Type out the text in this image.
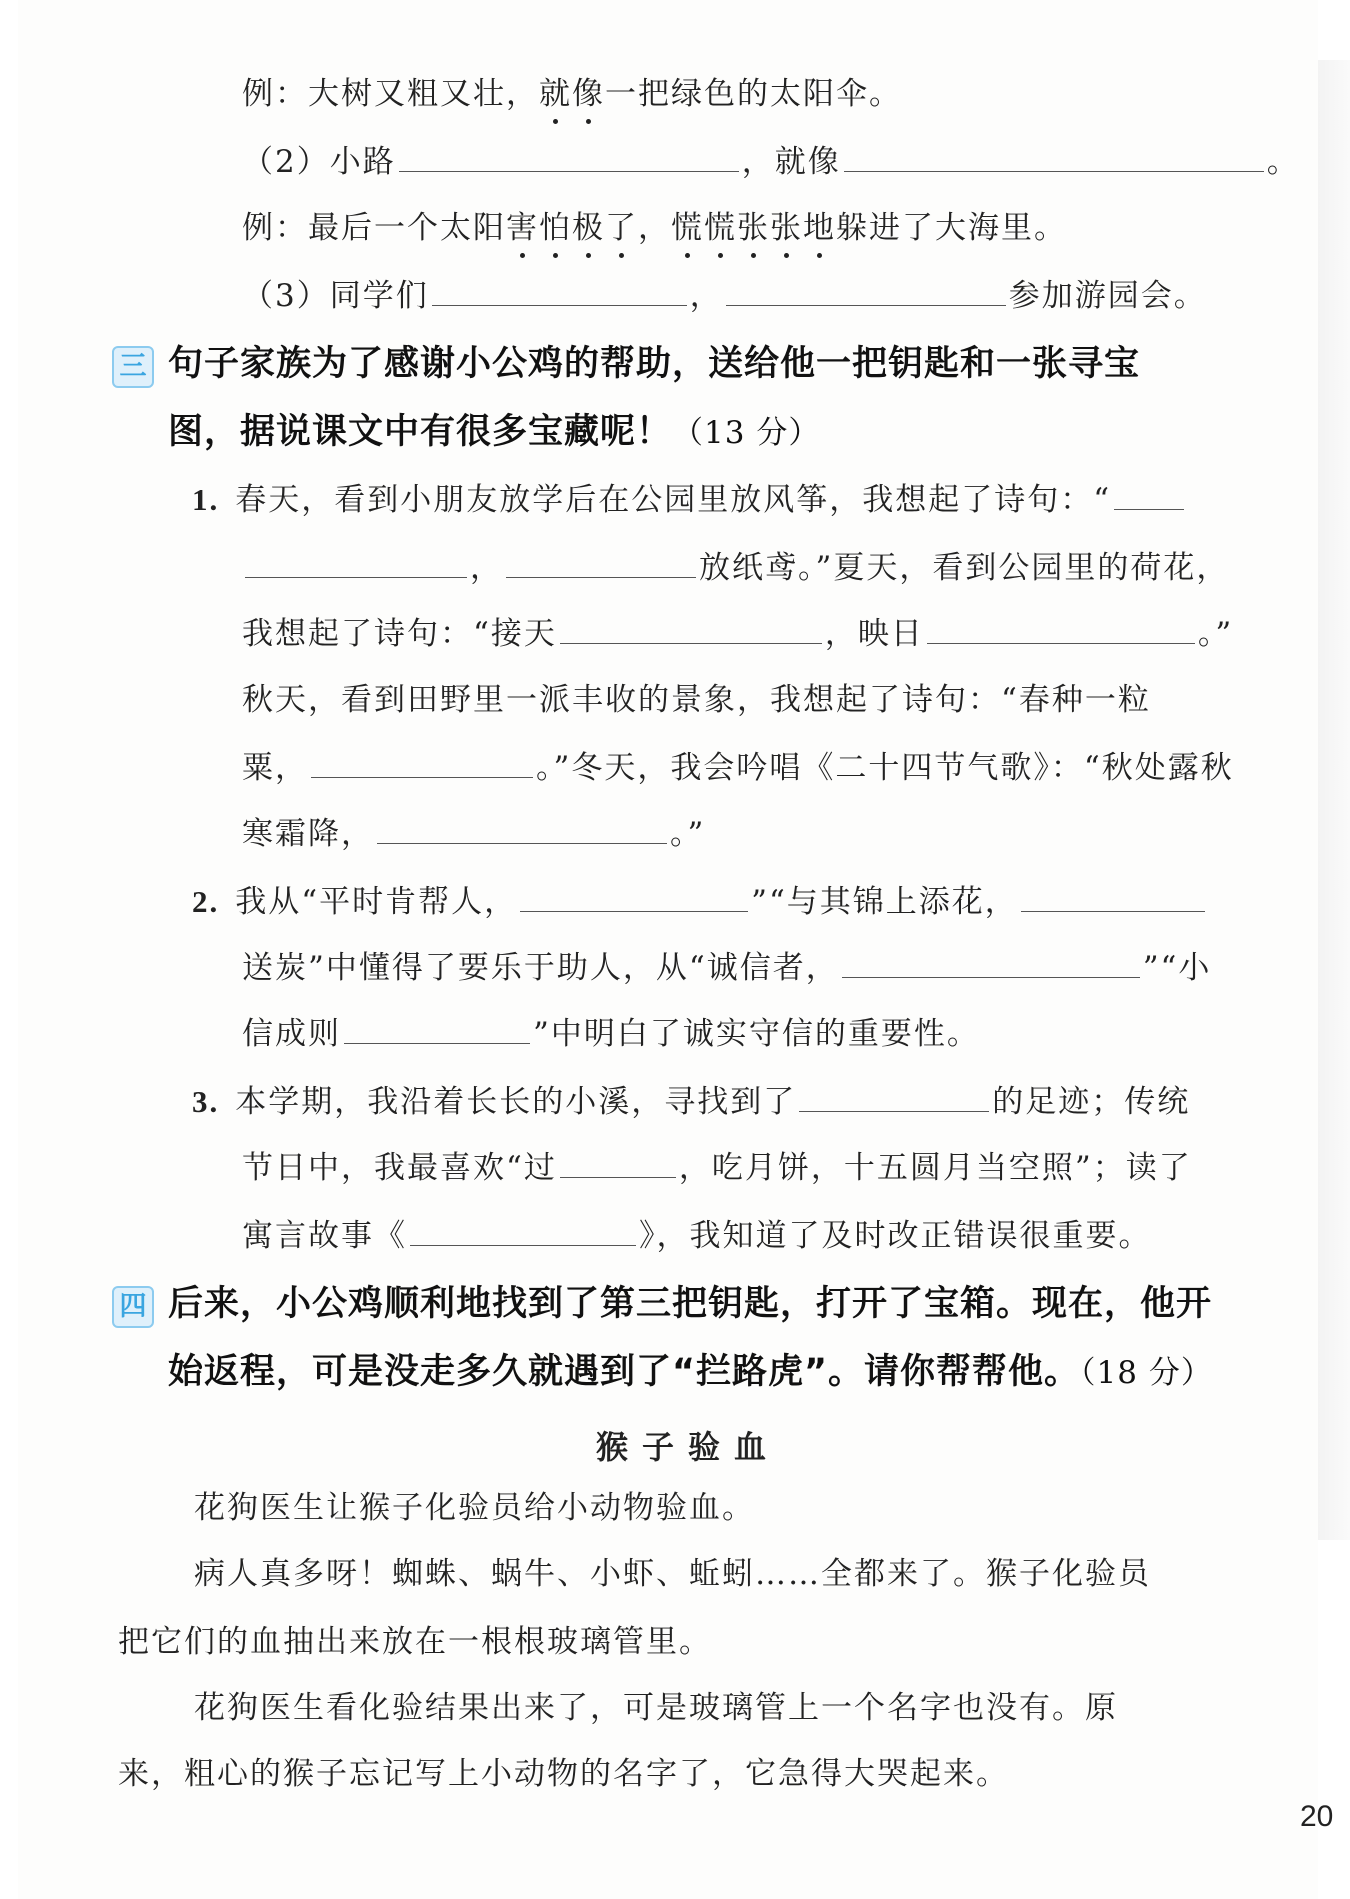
例：大树又粗又壮，就像一把绿色的太阳伞。
（2）小路	，就像	。
例：最后一个太阳害怕极了，慌慌张张地躲进了大海里。
（3）同学们	，	参加游园会。
三 句子家族为了感谢小公鸡的帮助，送给他一把钥匙和一张寻宝
图，据说课文中有很多宝藏呢！（13 分）
1. 春天，看到小朋友放学后在公园里放风筝，我想起了诗句：“
，	放纸鸢。”夏天，看到公园里的荷花，
我想起了诗句：“接天	，映日	。”
秋天，看到田野里一派丰收的景象，我想起了诗句：“春种一粒
粟，	。”冬天，我会吟唱《二十四节气歌》：“秋处露秋
寒霜降，	。”
2. 我从“平时肯帮人，	”“与其锦上添花，
送炭”中懂得了要乐于助人，从“诚信者，	”“小
信成则	”中明白了诚实守信的重要性。
3. 本学期，我沿着长长的小溪，寻找到了	的足迹；传统
节日中，我最喜欢“过	，吃月饼，十五圆月当空照”；读了
寓言故事《	》，我知道了及时改正错误很重要。
四 后来，小公鸡顺利地找到了第三把钥匙，打开了宝箱。现在，他开
始返程，可是没走多久就遇到了“拦路虎”。请你帮帮他。（18 分）
猴子验血
花狗医生让猴子化验员给小动物验血。
病人真多呀！蜘蛛、蜗牛、小虾、蚯蚓……全都来了。猴子化验员
把它们的血抽出来放在一根根玻璃管里。
花狗医生看化验结果出来了，可是玻璃管上一个名字也没有。原
来，粗心的猴子忘记写上小动物的名字了，它急得大哭起来。
20
